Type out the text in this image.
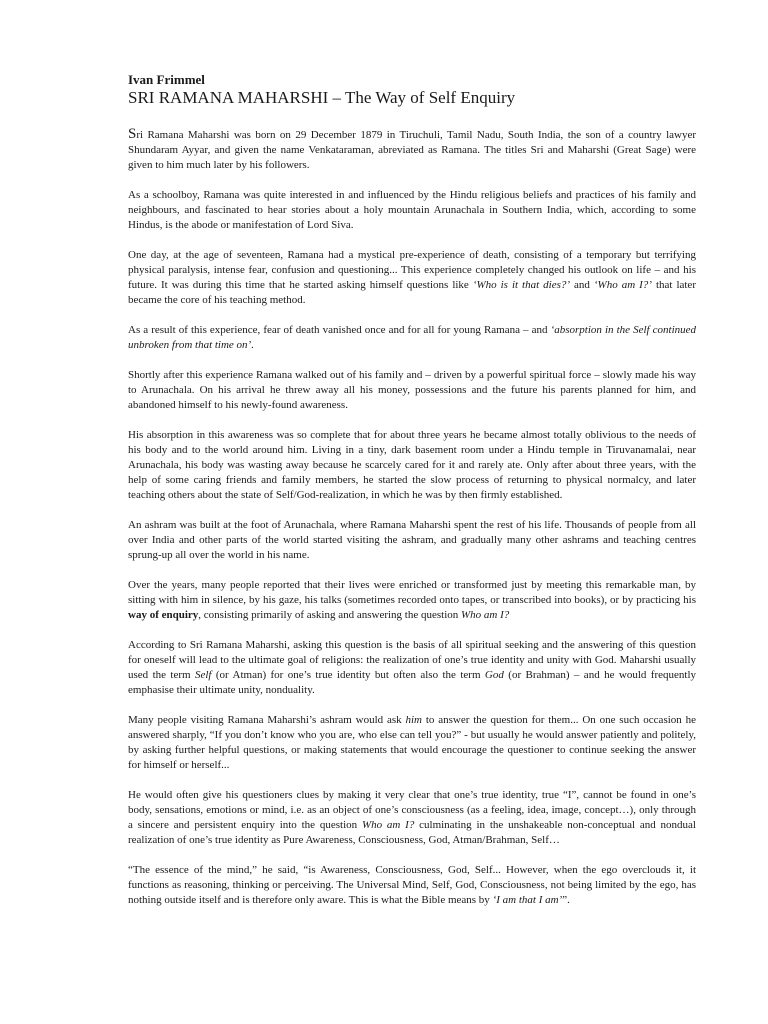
Ivan Frimmel

SRI RAMANA MAHARSHI – The Way of Self Enquiry

Sri Ramana Maharshi was born on 29 December 1879 in Tiruchuli, Tamil Nadu, South India, the son of a country lawyer Shundaram Ayyar, and given the name Venkataraman, abreviated as Ramana. The titles Sri and Maharshi (Great Sage) were given to him much later by his followers.

As a schoolboy, Ramana was quite interested in and influenced by the Hindu religious beliefs and practices of his family and neighbours, and fascinated to hear stories about a holy mountain Arunachala in Southern India, which, according to some Hindus, is the abode or manifestation of Lord Siva.

One day, at the age of seventeen, Ramana had a mystical pre-experience of death, consisting of a temporary but terrifying physical paralysis, intense fear, confusion and questioning... This experience completely changed his outlook on life – and his future. It was during this time that he started asking himself questions like ‘Who is it that dies?’ and ‘Who am I?’ that later became the core of his teaching method.

As a result of this experience, fear of death vanished once and for all for young Ramana – and ‘absorption in the Self continued unbroken from that time on’.

Shortly after this experience Ramana walked out of his family and – driven by a powerful spiritual force – slowly made his way to Arunachala. On his arrival he threw away all his money, possessions and the future his parents planned for him, and abandoned himself to his newly-found awareness.

His absorption in this awareness was so complete that for about three years he became almost totally oblivious to the needs of his body and to the world around him. Living in a tiny, dark basement room under a Hindu temple in Tiruvanamalai, near Arunachala, his body was wasting away because he scarcely cared for it and rarely ate. Only after about three years, with the help of some caring friends and family members, he started the slow process of returning to physical normalcy, and later teaching others about the state of Self/God-realization, in which he was by then firmly established.

An ashram was built at the foot of Arunachala, where Ramana Maharshi spent the rest of his life. Thousands of people from all over India and other parts of the world started visiting the ashram, and gradually many other ashrams and teaching centres sprung-up all over the world in his name.

Over the years, many people reported that their lives were enriched or transformed just by meeting this remarkable man, by sitting with him in silence, by his gaze, his talks (sometimes recorded onto tapes, or transcribed into books), or by practicing his way of enquiry, consisting primarily of asking and answering the question Who am I?

According to Sri Ramana Maharshi, asking this question is the basis of all spiritual seeking and the answering of this question for oneself will lead to the ultimate goal of religions: the realization of one’s true identity and unity with God. Maharshi usually used the term Self (or Atman) for one’s true identity but often also the term God (or Brahman) – and he would frequently emphasise their ultimate unity, nonduality.

Many people visiting Ramana Maharshi’s ashram would ask him to answer the question for them... On one such occasion he answered sharply, “If you don’t know who you are, who else can tell you?” - but usually he would answer patiently and politely, by asking further helpful questions, or making statements that would encourage the questioner to continue seeking the answer for himself or herself...

He would often give his questioners clues by making it very clear that one’s true identity, true “I”, cannot be found in one’s body, sensations, emotions or mind, i.e. as an object of one’s consciousness (as a feeling, idea, image, concept…), only through a sincere and persistent enquiry into the question Who am I? culminating in the unshakeable non-conceptual and nondual realization of one’s true identity as Pure Awareness, Consciousness, God, Atman/Brahman, Self…

“The essence of the mind,” he said, “is Awareness, Consciousness, God, Self... However, when the ego overclouds it, it functions as reasoning, thinking or perceiving. The Universal Mind, Self, God, Consciousness, not being limited by the ego, has nothing outside itself and is therefore only aware. This is what the Bible means by ‘I am that I am’”.
